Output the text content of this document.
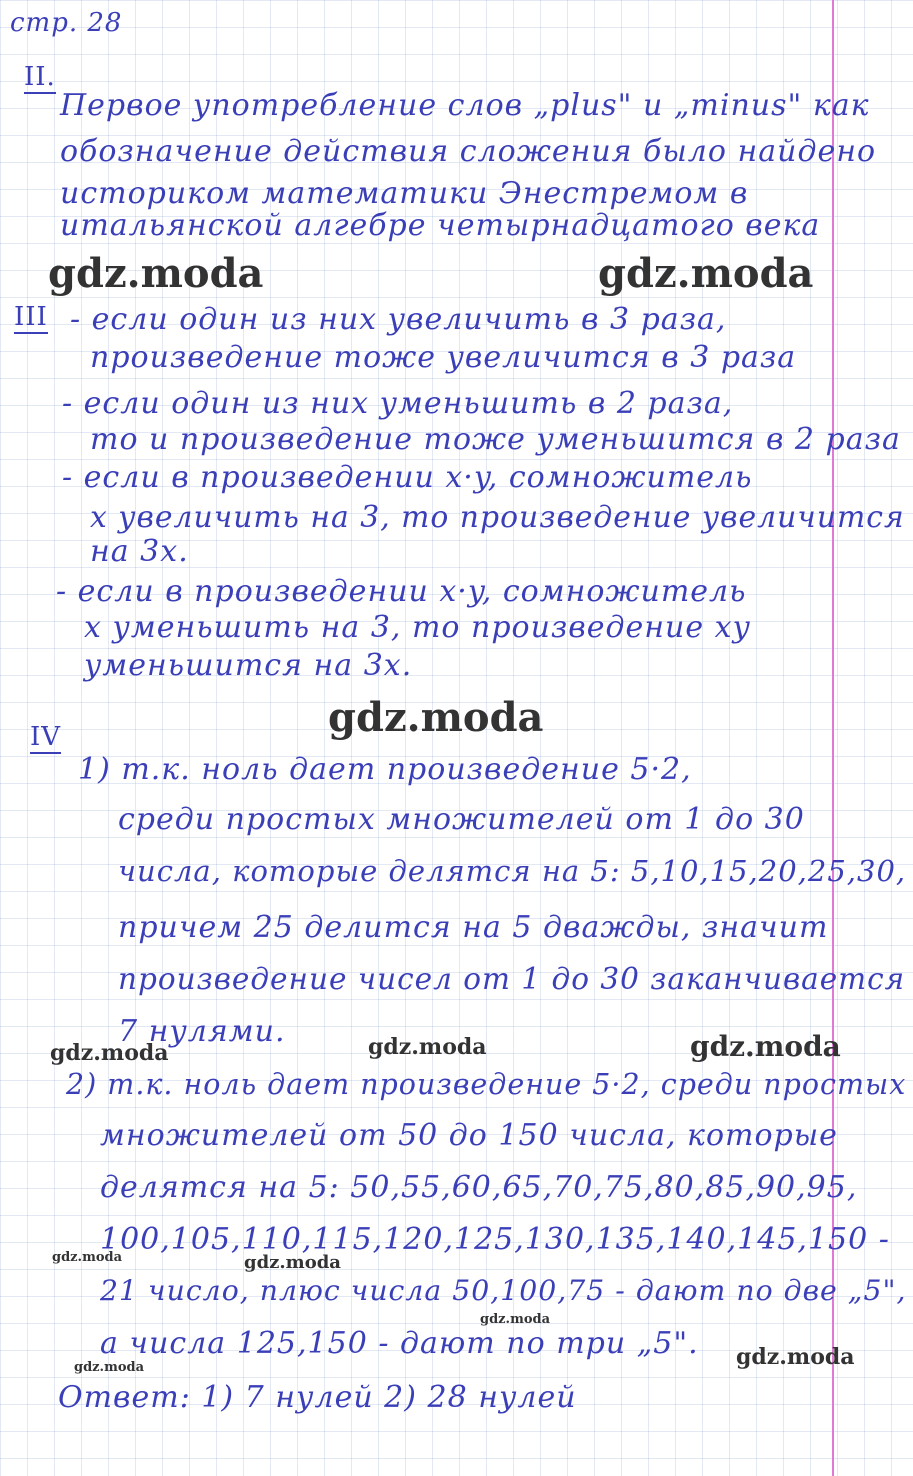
стр. 28
II.
Первое употребление слов „plus" и „minus" как
обозначение действия сложения было найдено
историком математики Энестремом в
итальянской алгебре четырнадцатого века
III - если один из них увеличить в 3 раза,
произведение тоже увеличится в 3 раза
- если один из них уменьшить в 2 раза,
то и произведение тоже уменьшится в 2 раза
- если в произведении x·y, сомножитель
x увеличить на 3, то произведение увеличится
на 3x.
- если в произведении x·y, сомножитель
x уменьшить на 3, то произведение xy
уменьшится на 3x.
IV
1) т.к. ноль дает произведение 5·2,
среди простых множителей от 1 до 30
числа, которые делятся на 5: 5,10,15,20,25,30,
причем 25 делится на 5 дважды, значит
произведение чисел от 1 до 30 заканчивается
7 нулями.
2) т.к. ноль дает произведение 5·2, среди простых
множителей от 50 до 150 числа, которые
делятся на 5: 50,55,60,65,70,75,80,85,90,95,
100,105,110,115,120,125,130,135,140,145,150 -
21 число, плюс числа 50,100,75 - дают по две „5",
а числа 125,150 - дают по три „5".
Ответ: 1) 7 нулей 2) 28 нулей
gdz.moda	gdz.moda
gdz.moda
gdz.moda	gdz.moda	gdz.moda
gdz.moda	gdz.moda
gdz.moda
gdz.moda
gdz.moda
